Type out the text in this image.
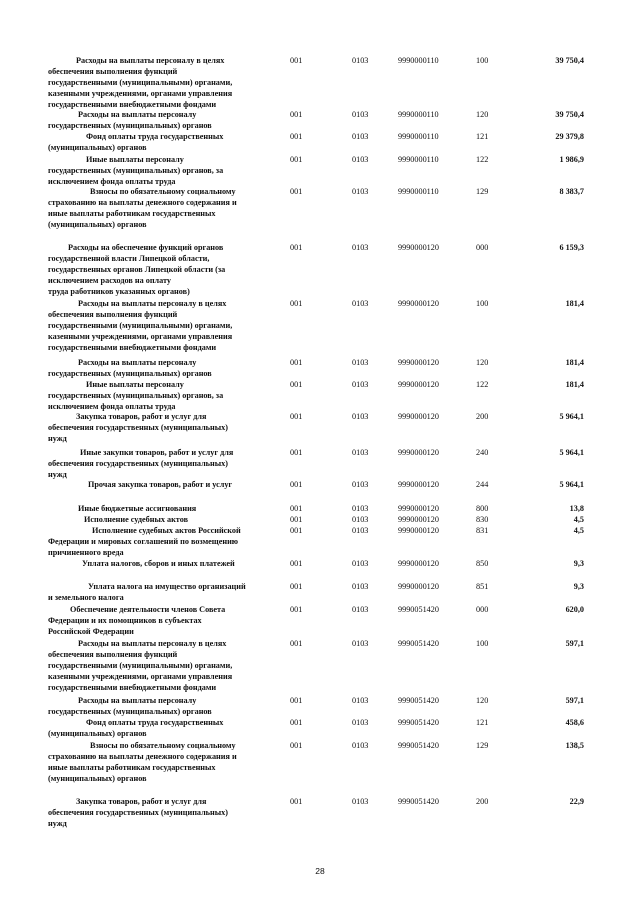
Расходы на выплаты персоналу в целях
обеспечения выполнения функций
государственными (муниципальными) органами,
казенными учреждениями, органами управления
государственными внебюджетными фондами
001	0103	9990000110	100	39 750,4
Расходы на выплаты персоналу
государственных (муниципальных) органов
001	0103	9990000110	120	39 750,4
Фонд оплаты труда государственных
(муниципальных) органов
001	0103	9990000110	121	29 379,8
Иные выплаты персоналу
государственных (муниципальных) органов, за
исключением фонда оплаты труда
001	0103	9990000110	122	1 986,9
Взносы по обязательному социальному
страхованию на выплаты денежного содержания и
иные выплаты работникам государственных
(муниципальных) органов
001	0103	9990000110	129	8 383,7
Расходы на обеспечение функций органов
государственной власти Липецкой области,
государственных органов Липецкой области (за
исключением расходов на оплату
труда работников указанных органов)
001	0103	9990000120	000	6 159,3
Расходы на выплаты персоналу в целях
обеспечения выполнения функций
государственными (муниципальными) органами,
казенными учреждениями, органами управления
государственными внебюджетными фондами
001	0103	9990000120	100	181,4
Расходы на выплаты персоналу
государственных (муниципальных) органов
001	0103	9990000120	120	181,4
Иные выплаты персоналу
государственных (муниципальных) органов, за
исключением фонда оплаты труда
001	0103	9990000120	122	181,4
Закупка товаров, работ и услуг для
обеспечения государственных (муниципальных)
нужд
001	0103	9990000120	200	5 964,1
Иные закупки товаров, работ и услуг для
обеспечения государственных (муниципальных)
нужд
001	0103	9990000120	240	5 964,1
Прочая закупка товаров, работ и услуг	001	0103	9990000120	244	5 964,1
Иные бюджетные ассигнования	001	0103	9990000120	800	13,8
Исполнение судебных актов	001	0103	9990000120	830	4,5
Исполнение судебных актов Российской
Федерации и мировых соглашений по возмещению
причиненного вреда
001	0103	9990000120	831	4,5
Уплата налогов, сборов и иных платежей	001	0103	9990000120	850	9,3
Уплата налога на имущество организаций
и земельного налога
001	0103	9990000120	851	9,3
Обеспечение деятельности членов Совета
Федерации и их помощников в субъектах
Российской Федерации
001	0103	9990051420	000	620,0
Расходы на выплаты персоналу в целях
обеспечения выполнения функций
государственными (муниципальными) органами,
казенными учреждениями, органами управления
государственными внебюджетными фондами
001	0103	9990051420	100	597,1
Расходы на выплаты персоналу
государственных (муниципальных) органов
001	0103	9990051420	120	597,1
Фонд оплаты труда государственных
(муниципальных) органов
001	0103	9990051420	121	458,6
Взносы по обязательному социальному
страхованию на выплаты денежного содержания и
иные выплаты работникам государственных
(муниципальных) органов
001	0103	9990051420	129	138,5
Закупка товаров, работ и услуг для
обеспечения государственных (муниципальных)
нужд
001	0103	9990051420	200	22,9
28
